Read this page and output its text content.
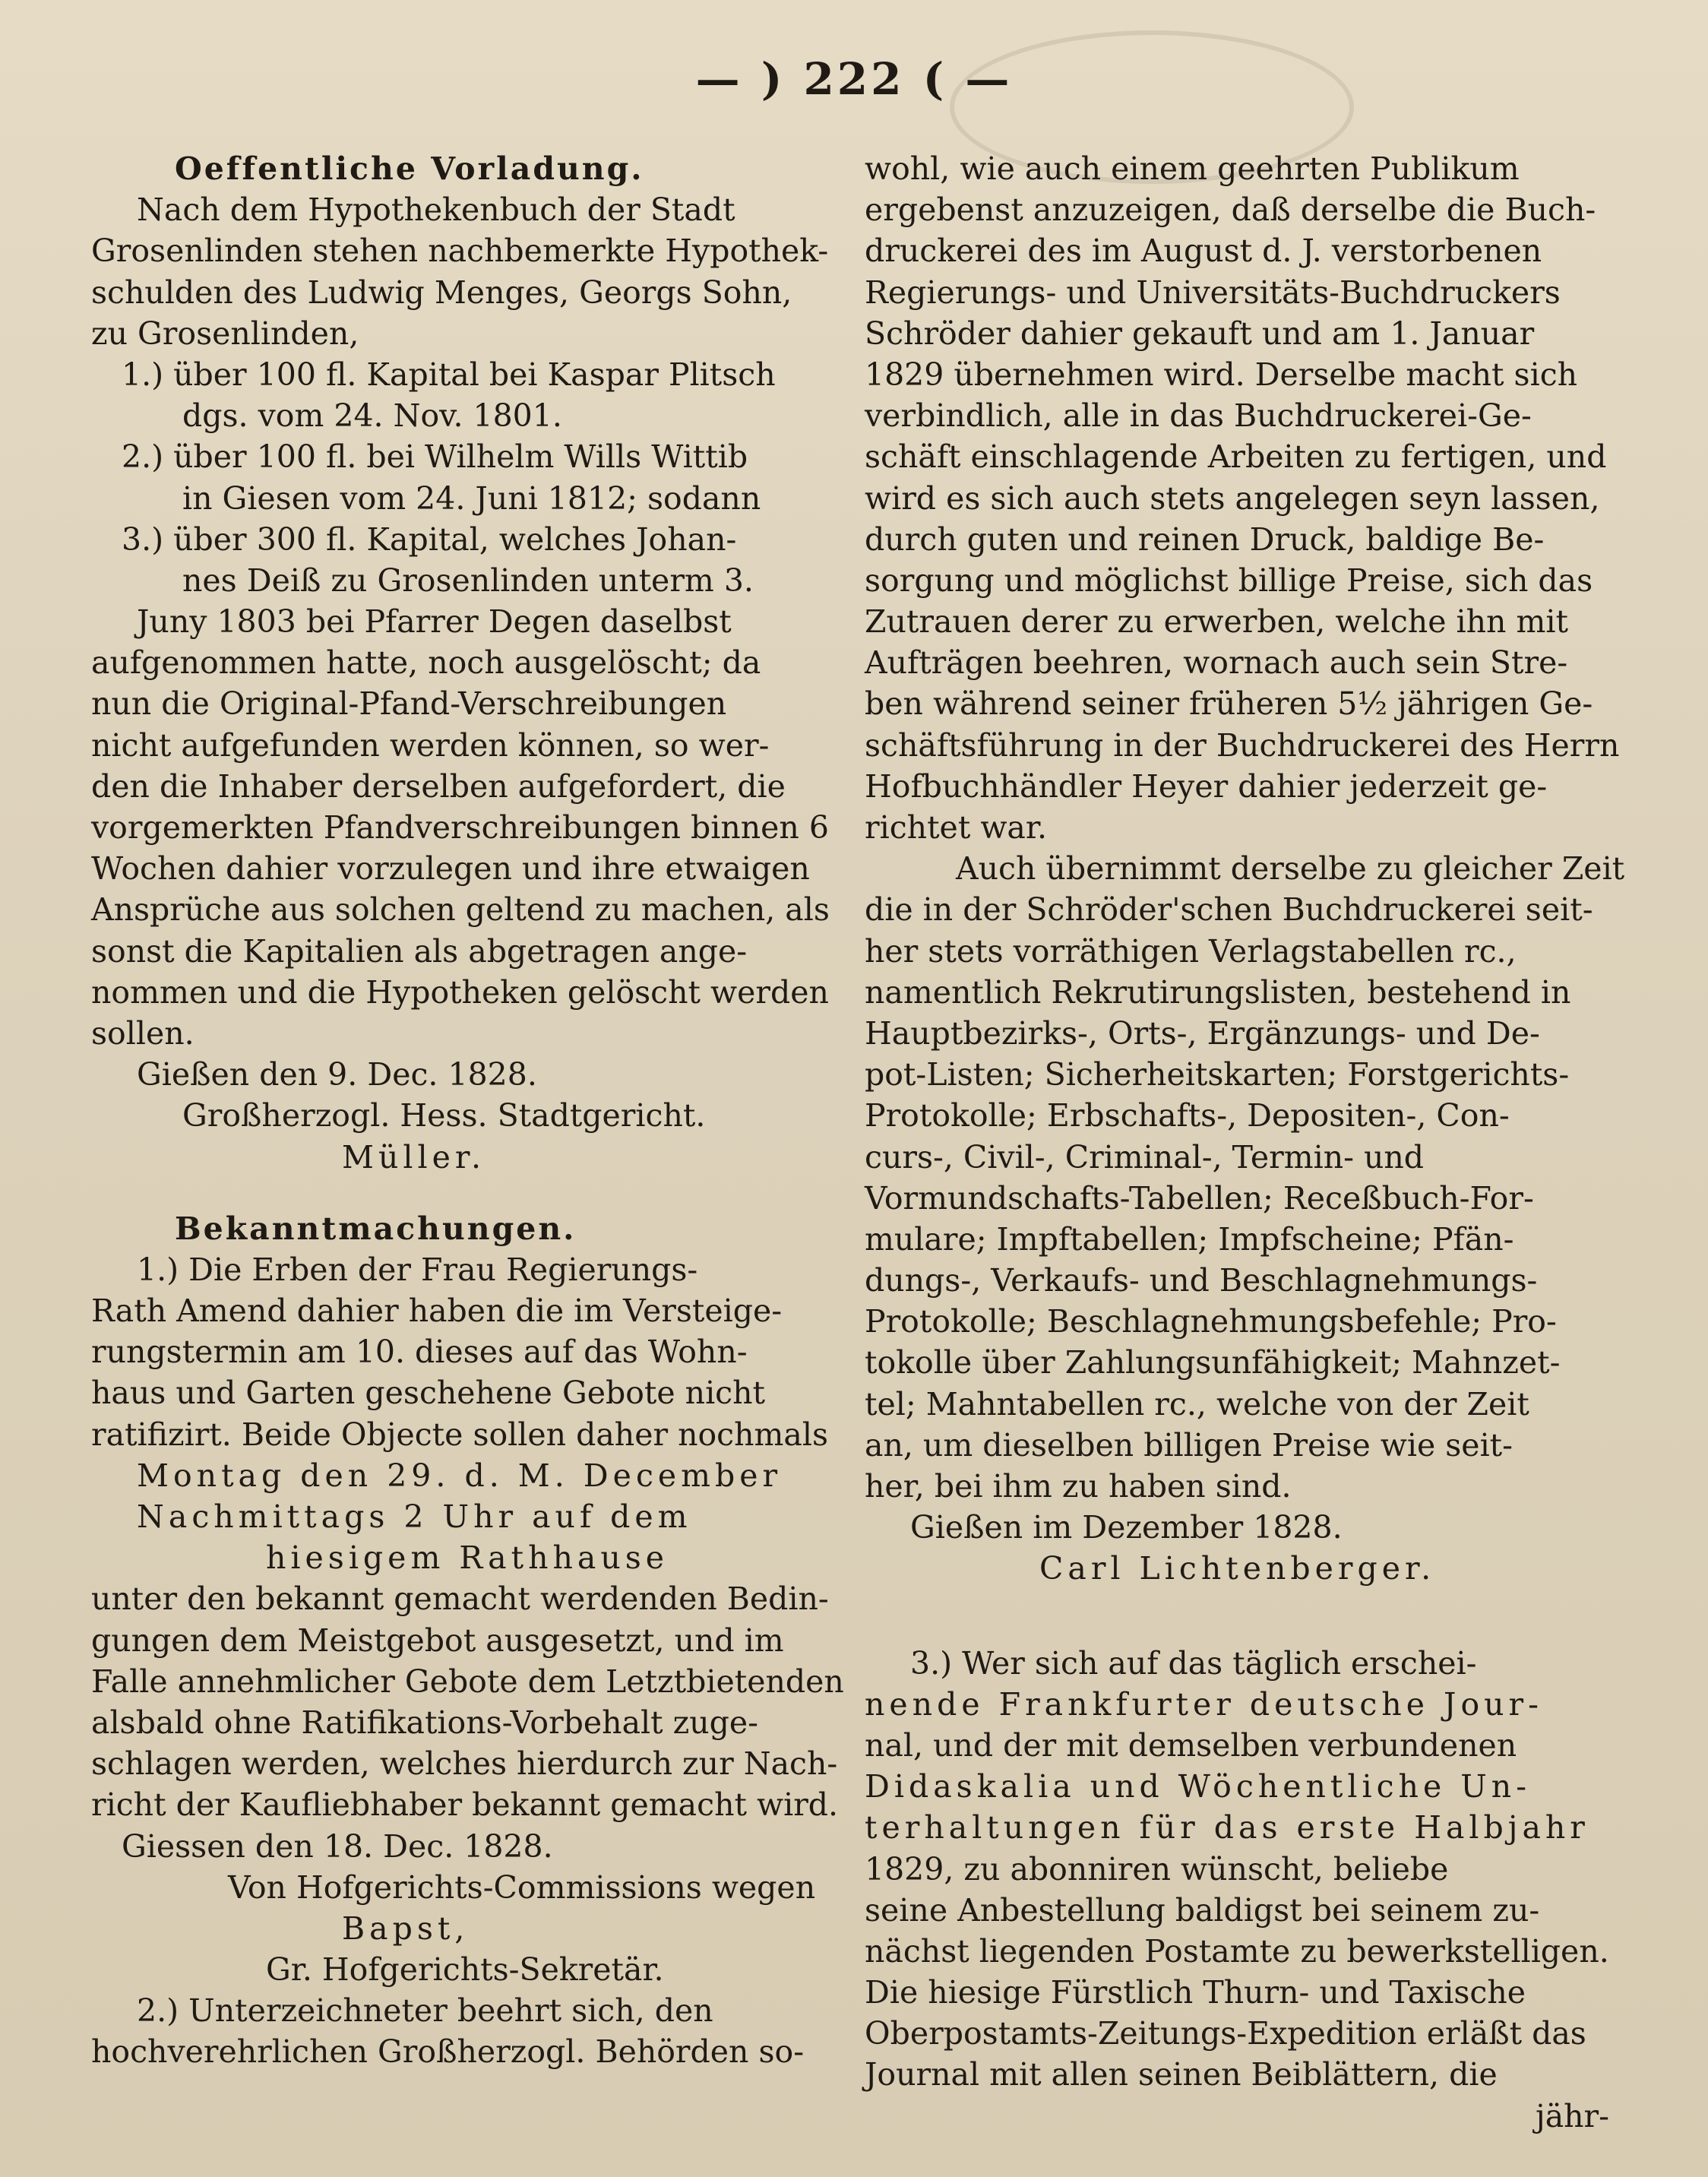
— ) 222 ( —
Oeffentliche Vorladung.
Nach dem Hypothekenbuch der Stadt
Grosenlinden stehen nachbemerkte Hypothek-
schulden des Ludwig Menges, Georgs Sohn,
zu Grosenlinden,
1.) über 100 fl. Kapital bei Kaspar Plitsch
dgs. vom 24. Nov. 1801.
2.) über 100 fl. bei Wilhelm Wills Wittib
in Giesen vom 24. Juni 1812; sodann
3.) über 300 fl. Kapital, welches Johan-
nes Deiß zu Grosenlinden unterm 3.
Juny 1803 bei Pfarrer Degen daselbst
aufgenommen hatte, noch ausgelöscht; da
nun die Original-Pfand-Verschreibungen
nicht aufgefunden werden können, so wer-
den die Inhaber derselben aufgefordert, die
vorgemerkten Pfandverschreibungen binnen 6
Wochen dahier vorzulegen und ihre etwaigen
Ansprüche aus solchen geltend zu machen, als
sonst die Kapitalien als abgetragen ange-
nommen und die Hypotheken gelöscht werden
sollen.
Gießen den 9. Dec. 1828.
Großherzogl. Hess. Stadtgericht.
Müller.
Bekanntmachungen.
1.) Die Erben der Frau Regierungs-
Rath Amend dahier haben die im Versteige-
rungstermin am 10. dieses auf das Wohn-
haus und Garten geschehene Gebote nicht
ratifizirt. Beide Objecte sollen daher nochmals
Montag den 29. d. M. December
Nachmittags 2 Uhr auf dem
hiesigem Rathhause
unter den bekannt gemacht werdenden Bedin-
gungen dem Meistgebot ausgesetzt, und im
Falle annehmlicher Gebote dem Letztbietenden
alsbald ohne Ratifikations-Vorbehalt zuge-
schlagen werden, welches hierdurch zur Nach-
richt der Kaufliebhaber bekannt gemacht wird.
Giessen den 18. Dec. 1828.
Von Hofgerichts-Commissions wegen
Bapst,
Gr. Hofgerichts-Sekretär.
2.) Unterzeichneter beehrt sich, den
hochverehrlichen Großherzogl. Behörden so-
wohl, wie auch einem geehrten Publikum
ergebenst anzuzeigen, daß derselbe die Buch-
druckerei des im August d. J. verstorbenen
Regierungs- und Universitäts-Buchdruckers
Schröder dahier gekauft und am 1. Januar
1829 übernehmen wird. Derselbe macht sich
verbindlich, alle in das Buchdruckerei-Ge-
schäft einschlagende Arbeiten zu fertigen, und
wird es sich auch stets angelegen seyn lassen,
durch guten und reinen Druck, baldige Be-
sorgung und möglichst billige Preise, sich das
Zutrauen derer zu erwerben, welche ihn mit
Aufträgen beehren, wornach auch sein Stre-
ben während seiner früheren 5½ jährigen Ge-
schäftsführung in der Buchdruckerei des Herrn
Hofbuchhändler Heyer dahier jederzeit ge-
richtet war.
Auch übernimmt derselbe zu gleicher Zeit
die in der Schröder'schen Buchdruckerei seit-
her stets vorräthigen Verlagstabellen rc.,
namentlich Rekrutirungslisten, bestehend in
Hauptbezirks-, Orts-, Ergänzungs- und De-
pot-Listen; Sicherheitskarten; Forstgerichts-
Protokolle; Erbschafts-, Depositen-, Con-
curs-, Civil-, Criminal-, Termin- und
Vormundschafts-Tabellen; Receßbuch-For-
mulare; Impftabellen; Impfscheine; Pfän-
dungs-, Verkaufs- und Beschlagnehmungs-
Protokolle; Beschlagnehmungsbefehle; Pro-
tokolle über Zahlungsunfähigkeit; Mahnzet-
tel; Mahntabellen rc., welche von der Zeit
an, um dieselben billigen Preise wie seit-
her, bei ihm zu haben sind.
Gießen im Dezember 1828.
Carl Lichtenberger.
3.) Wer sich auf das täglich erschei-
nende Frankfurter deutsche Jour-
nal, und der mit demselben verbundenen
Didaskalia und Wöchentliche Un-
terhaltungen für das erste Halbjahr
1829, zu abonniren wünscht, beliebe
seine Anbestellung baldigst bei seinem zu-
nächst liegenden Postamte zu bewerkstelligen.
Die hiesige Fürstlich Thurn- und Taxische
Oberpostamts-Zeitungs-Expedition erläßt das
Journal mit allen seinen Beiblättern, die
jähr-
